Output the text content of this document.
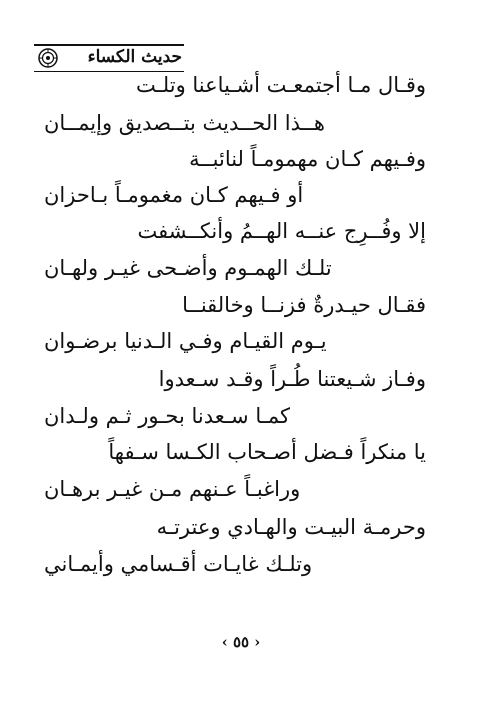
حديث الكساء
وقـال مـا أجتمعـت أشـياعنا وتلـت
هــذا الحــديث بتــصديق وإيمــان
وفـيهم كـان مهمومـاً لنائبــة
أو فـيهم كـان مغمومـاً بـاحزان
إلا وفُــرِج عنــه الهــمُ وأنكــشفت
تلـك الهمـوم وأضـحى غيـر ولهـان
فقـال حيـدرةٌ فزنــا وخالقنــا
يـوم القيـام وفـي الـدنيا برضـوان
وفـاز شـيعتنا طُـراً وقـد سـعدوا
كمـا سـعدنا بحـور ثـم ولـدان
يا منكراً فـضل أصـحاب الكـسا سـفهاً
وراغبـاً عـنهم مـن غيـر برهـان
وحرمـة البيـت والهـادي وعترتـه
وتلـك غايـات أقـسامي وأيمـاني
‹ ٥٥ ›
